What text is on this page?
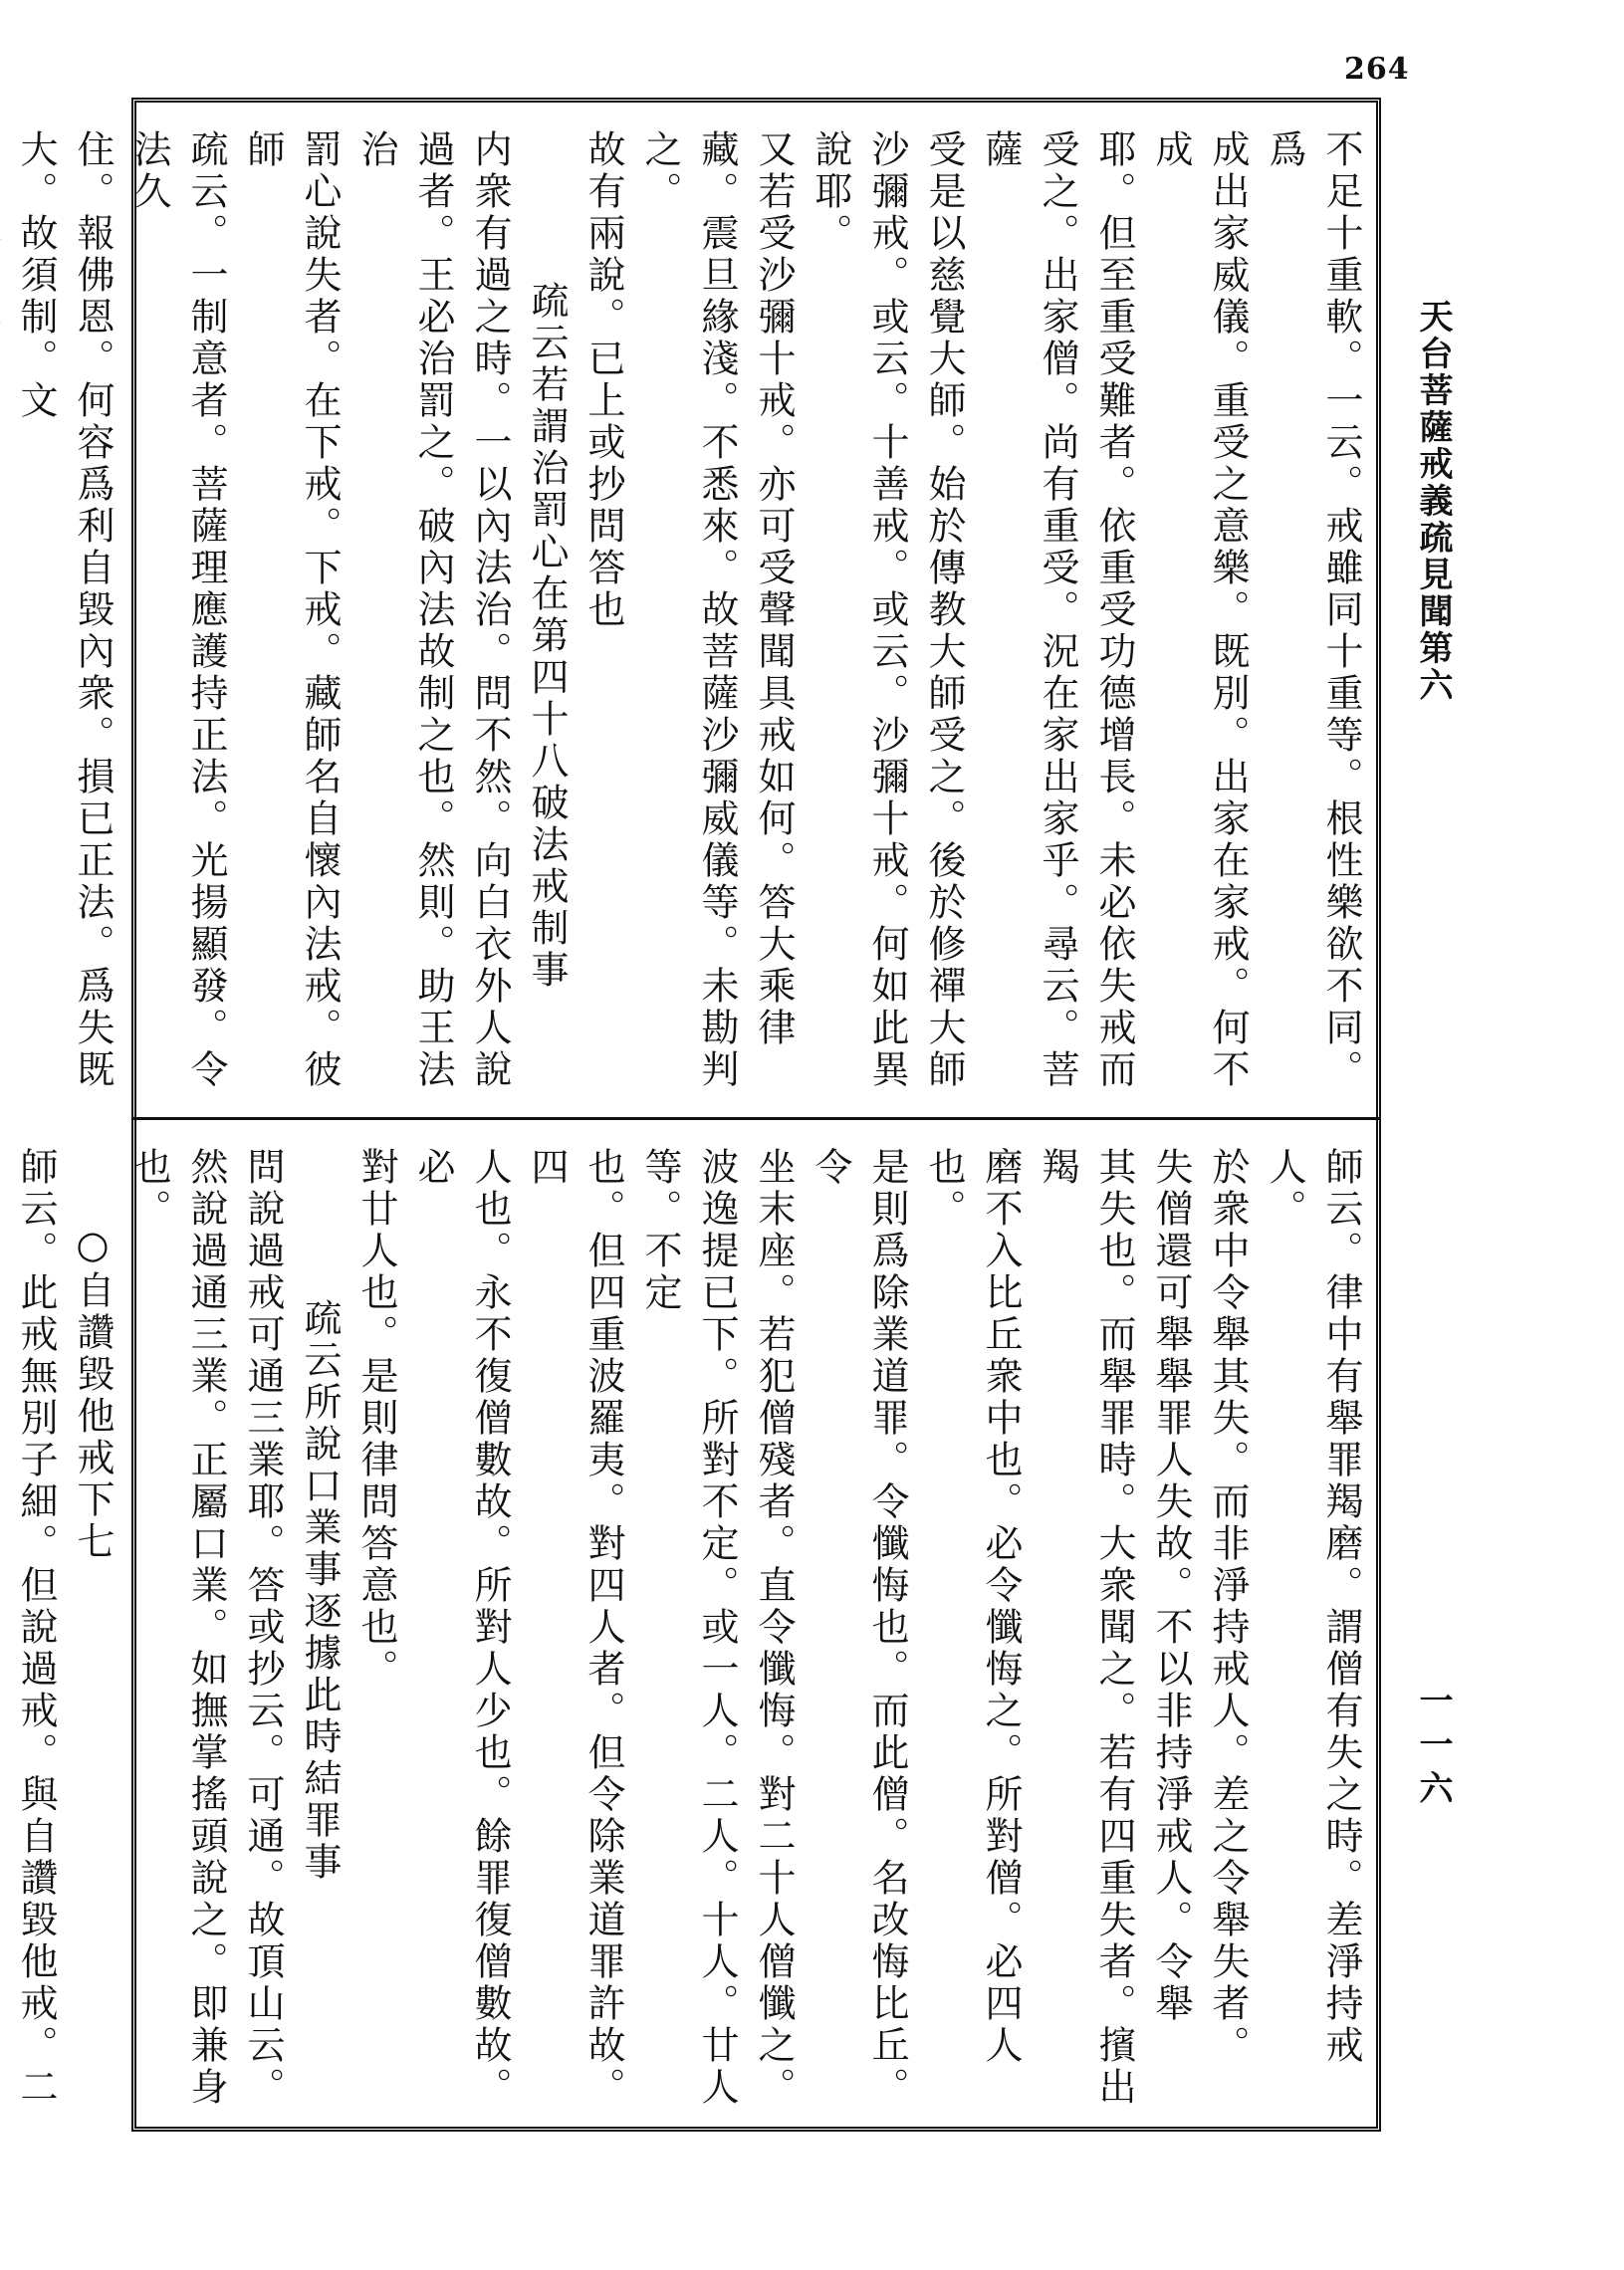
264
天台菩薩戒義疏見聞第六
一一六
不足十重軟。一云。戒雖同十重等。根性樂欲不同。爲
成出家威儀。重受之意樂。既別。出家在家戒。何不成
耶。但至重受難者。依重受功德增長。未必依失戒而
受之。出家僧。尚有重受。況在家出家乎。尋云。菩薩
受是以慈覺大師。始於傳教大師受之。後於修禪大師
沙彌戒。或云。十善戒。或云。沙彌十戒。何如此異說耶。
又若受沙彌十戒。亦可受聲聞具戒如何。答大乘律
藏。震旦緣淺。不悉來。故菩薩沙彌威儀等。未勘判之。
故有兩說。已上或抄問答也
疏云若謂治罰心在第四十八破法戒制事
内衆有過之時。一以內法治。問不然。向白衣外人說
過者。王必治罰之。破內法故制之也。然則。助王法治
罰心說失者。在下戒。下戒。藏師名自懷內法戒。彼師
疏云。一制意者。菩薩理應護持正法。光揚顯發。令法久
住。報佛恩。何容爲利自毀內衆。損已正法。爲失既
大。故須制。文
師云。律中有舉罪羯磨。謂僧有失之時。差淨持戒人。
於衆中令舉其失。而非淨持戒人。差之令舉失者。
失僧還可舉舉罪人失故。不以非持淨戒人。令舉
其失也。而舉罪時。大衆聞之。若有四重失者。擯出羯
磨不入比丘衆中也。必令懺悔之。所對僧。必四人也。
是則爲除業道罪。令懺悔也。而此僧。名改悔比丘。令
坐末座。若犯僧殘者。直令懺悔。對二十人僧懺之。
波逸提已下。所對不定。或一人。二人。十人。廿人等。不定
也。但四重波羅夷。對四人者。但令除業道罪許故。四
人也。永不復僧數故。所對人少也。餘罪復僧數故。必
對廿人也。是則律問答意也。
疏云所說口業事逐據此時結罪事
問說過戒可通三業耶。答或抄云。可通。故頂山云。
然說過通三業。正屬口業。如撫掌搖頭說之。即兼身
也。
○自讚毀他戒下七
師云。此戒無別子細。但說過戒。與自讚毀他戒。二
